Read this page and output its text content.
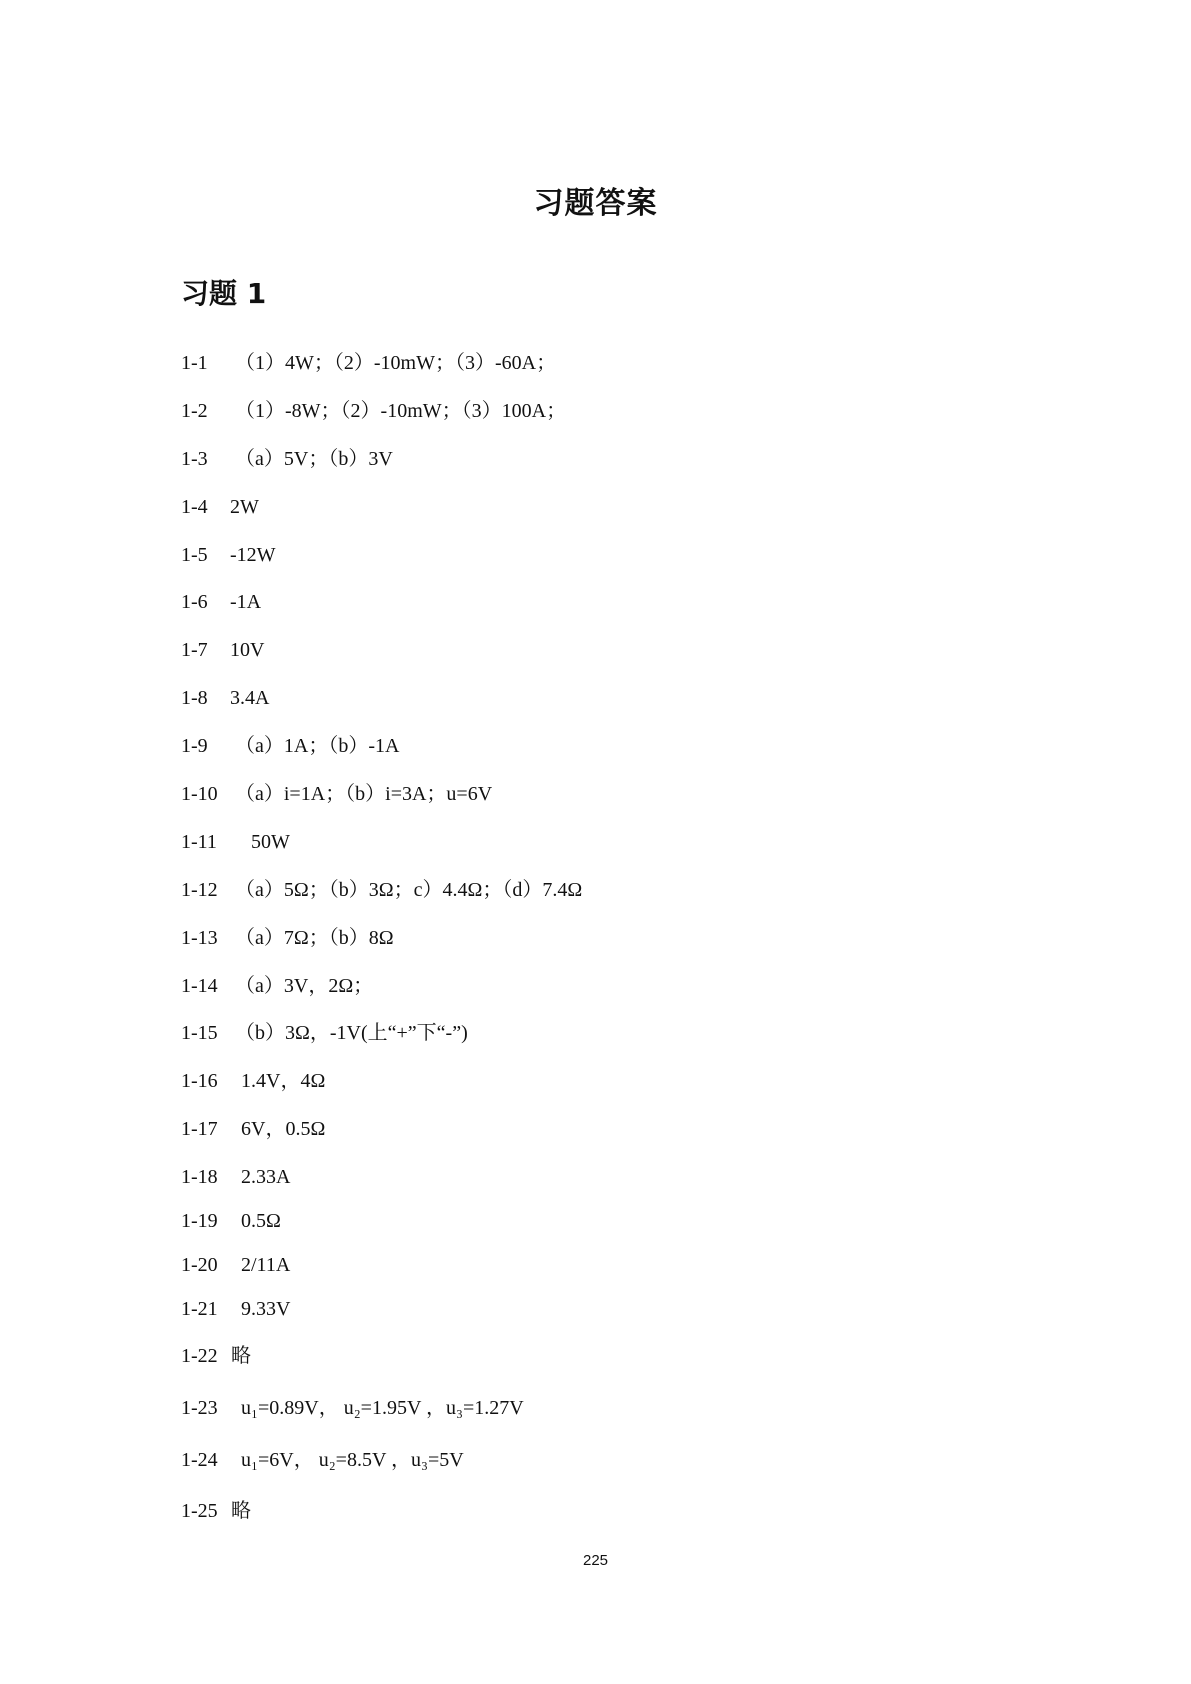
习题答案
习题 1
1-1 （1）4W；（2）-10mW；（3）-60A；
1-2 （1）-8W；（2）-10mW；（3）100A；
1-3 （a）5V；（b）3V
1-4 2W
1-5 -12W
1-6 -1A
1-7 10V
1-8 3.4A
1-9 （a）1A；（b）-1A
1-10 （a）i=1A；（b）i=3A；u=6V
1-11 50W
1-12 （a）5Ω；（b）3Ω；c）4.4Ω；（d）7.4Ω
1-13 （a）7Ω；（b）8Ω
1-14 （a）3V，2Ω；
1-15 （b）3Ω，-1V(上“+”下“-”)
1-16 1.4V，4Ω
1-17 6V，0.5Ω
1-18 2.33A
1-19 0.5Ω
1-20 2/11A
1-21 9.33V
1-22 略
1-23 u₁=0.89V， u₂=1.95V ，u₃=1.27V
1-24 u₁=6V， u₂=8.5V ，u₃=5V
1-25 略
225
